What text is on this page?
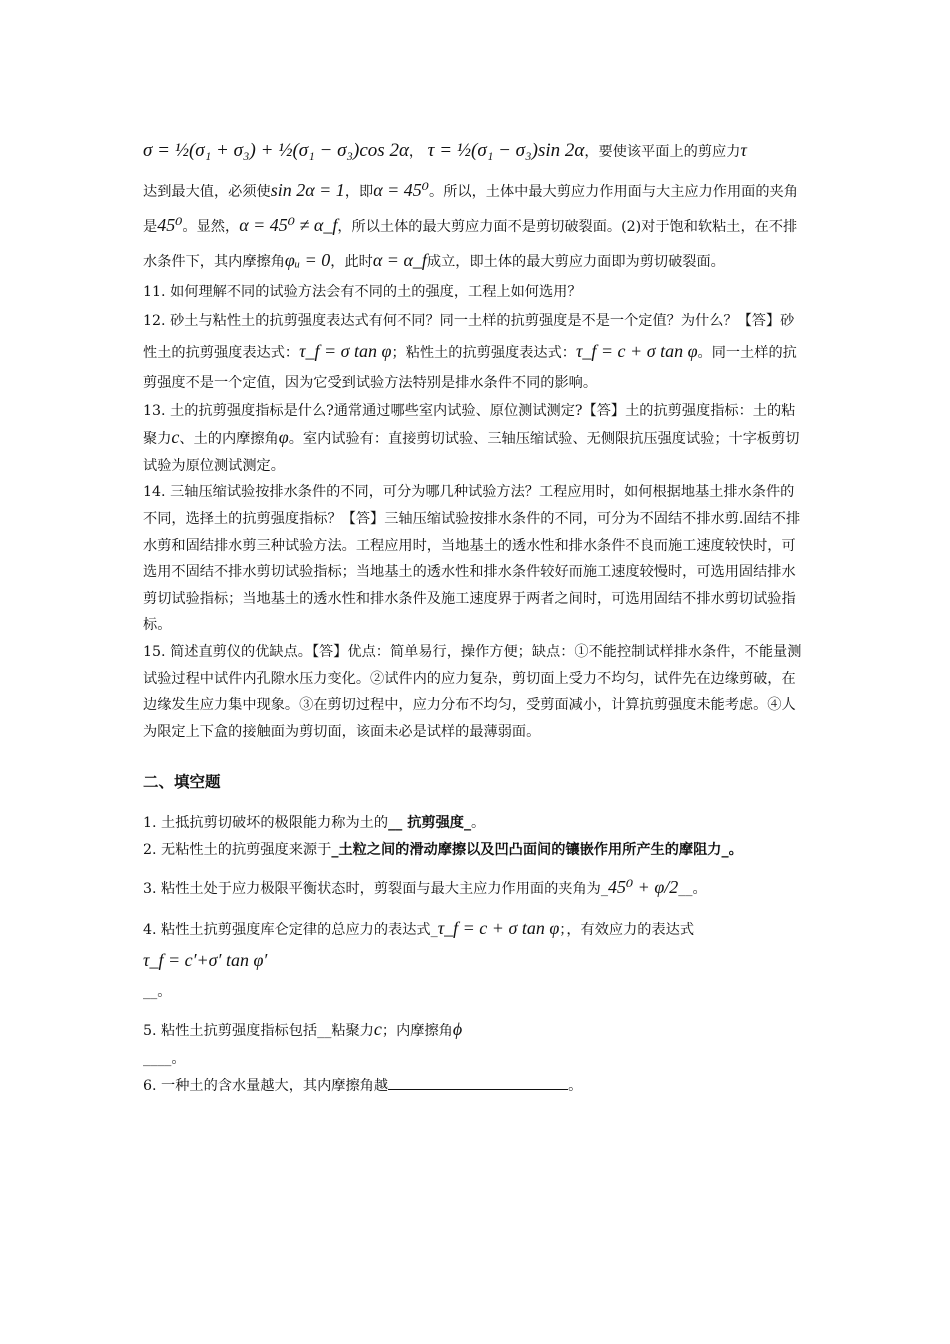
σ = ½(σ₁ + σ₃) + ½(σ₁ − σ₃)cos 2α， τ = ½(σ₁ − σ₃)sin 2α，要使该平面上的剪应力τ
达到最大值，必须使sin 2α = 1，即α = 45⁰。所以，土体中最大剪应力作用面与大主应力作用面的夹角是45⁰。显然，α = 45⁰ ≠ α_f，所以土体的最大剪应力面不是剪切破裂面。(2)对于饱和软粘土，在不排水条件下，其内摩擦角φᵤ = 0，此时α = α_f成立，即土体的最大剪应力面即为剪切破裂面。

11. 如何理解不同的试验方法会有不同的土的强度，工程上如何选用？

12. 砂土与粘性土的抗剪强度表达式有何不同？同一土样的抗剪强度是不是一个定值？为什么？【答】砂性土的抗剪强度表达式：τ_f = σ tan φ；粘性土的抗剪强度表达式：τ_f = c + σ tan φ。同一土样的抗剪强度不是一个定值，因为它受到试验方法特别是排水条件不同的影响。

13. 土的抗剪强度指标是什么?通常通过哪些室内试验、原位测试测定?【答】土的抗剪强度指标：土的粘聚力c、土的内摩擦角φ。室内试验有：直接剪切试验、三轴压缩试验、无侧限抗压强度试验；十字板剪切试验为原位测试测定。

14. 三轴压缩试验按排水条件的不同，可分为哪几种试验方法？工程应用时，如何根据地基土排水条件的不同，选择土的抗剪强度指标？【答】三轴压缩试验按排水条件的不同，可分为不固结不排水剪.固结不排水剪和固结排水剪三种试验方法。工程应用时，当地基土的透水性和排水条件不良而施工速度较快时，可选用不固结不排水剪切试验指标；当地基土的透水性和排水条件较好而施工速度较慢时，可选用固结排水剪切试验指标；当地基土的透水性和排水条件及施工速度界于两者之间时，可选用固结不排水剪切试验指标。

15. 简述直剪仪的优缺点。【答】优点：简单易行，操作方便；缺点：①不能控制试样排水条件，不能量测试验过程中试件内孔隙水压力变化。②试件内的应力复杂，剪切面上受力不均匀，试件先在边缘剪破，在边缘发生应力集中现象。③在剪切过程中，应力分布不均匀，受剪面减小，计算抗剪强度未能考虑。④人为限定上下盒的接触面为剪切面，该面未必是试样的最薄弱面。

二、填空题

1. 土抵抗剪切破坏的极限能力称为土的__ 抗剪强度_。

2. 无粘性土的抗剪强度来源于_土粒之间的滑动摩擦以及凹凸面间的镶嵌作用所产生的摩阻力_。

3. 粘性土处于应力极限平衡状态时，剪裂面与最大主应力作用面的夹角为_45⁰ + φ/2__。

4. 粘性土抗剪强度库仑定律的总应力的表达式_τ_f = c + σ tan φ；，有效应力的表达式
τ_f = c′+σ′ tan φ′
__。

5. 粘性土抗剪强度指标包括__粘聚力c；内摩擦角ϕ
____。

6. 一种土的含水量越大，其内摩擦角越	。
